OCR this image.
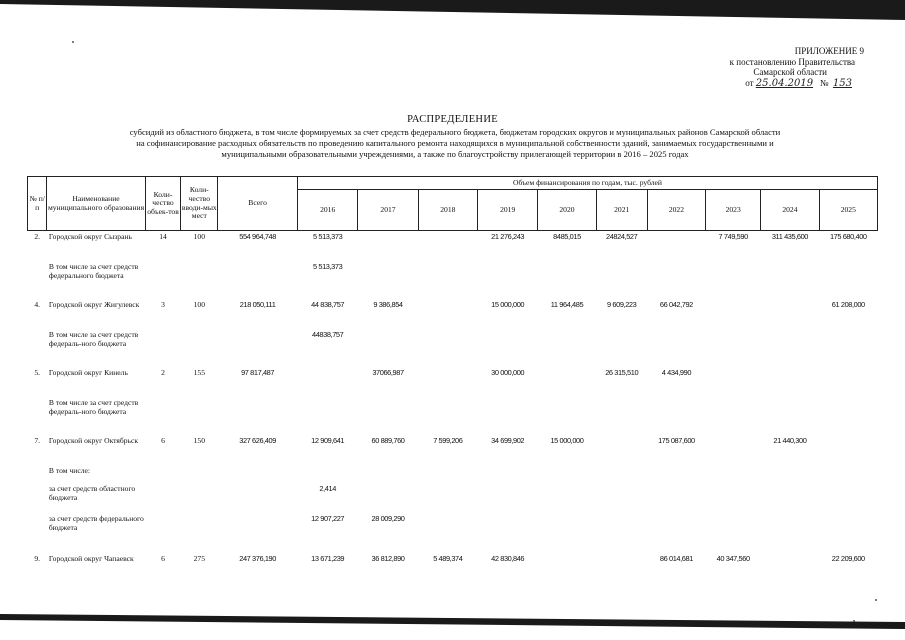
ПРИЛОЖЕНИЕ 9
к постановлению Правительства
Самарской области
от 25.04.2019 № 153
РАСПРЕДЕЛЕНИЕ
субсидий из областного бюджета, в том числе формируемых за счет средств федерального бюджета, бюджетам городских округов и муниципальных районов Самарской области
на софинансирование расходных обязательств по проведению капитального ремонта находящихся в муниципальной собственности зданий, занимаемых государственными и
муниципальными образовательными учреждениями, а также по благоустройству прилегающей территории в 2016 – 2025 годах
№ п/п	Наименование муниципального образования	Коли-чество объек-тов	Коли-чество вводи-мых мест	Всего	Объем финансирования по годам, тыс. рублей									
					2016	2017	2018	2019	2020	2021	2022	2023	2024	2025
2.	Городской округ Сызрань	14	100	554 964,748	5 513,373			21 276,243	8485,015	24824,527		7 749,590	311 435,600	175 680,400
	В том числе за счет средств федерального бюджета				5 513,373									
4.	Городской округ Жигулевск	3	100	218 050,111	44 838,757	9 386,854		15 000,000	11 964,485	9 609,223	66 042,792			61 208,000
	В том числе за счет средств федераль-ного бюджета				44838,757									
5.	Городской округ Кинель	2	155	97 817,487		37066,987		30 000,000		26 315,510	4 434,990			
	В том числе за счет средств федераль-ного бюджета													
7.	Городской округ Октябрьск	6	150	327 626,409	12 909,641	60 889,760	7 599,206	34 699,902	15 000,000		175 087,600		21 440,300	
	В том числе:													
	за счет средств областного бюджета				2,414									
	за счет средств федерального бюджета				12 907,227	28 009,290								
9.	Городской округ Чапаевск	6	275	247 376,190	13 671,239	36 812,890	5 489,374	42 830,846			86 014,681	40 347,560		22 209,600
